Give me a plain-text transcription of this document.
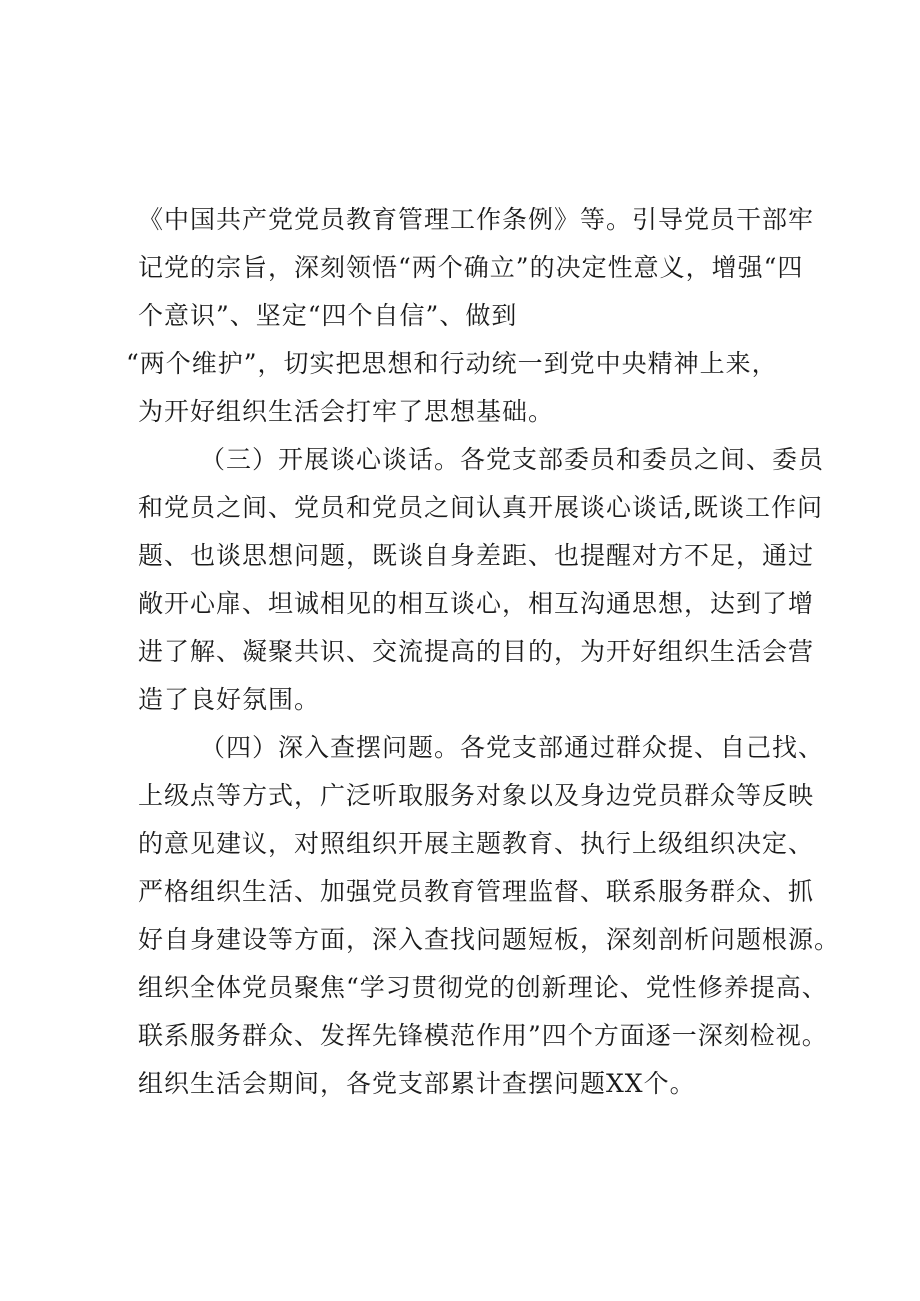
《中国共产党党员教育管理工作条例》等。引导党员干部牢
记党的宗旨，深刻领悟“两个确立”的决定性意义，增强“四
个意识”、坚定“四个自信”、做到
“两个维护”，切实把思想和行动统一到党中央精神上来，
为开好组织生活会打牢了思想基础。
（三）开展谈心谈话。各党支部委员和委员之间、委员
和党员之间、党员和党员之间认真开展谈心谈话,既谈工作问
题、也谈思想问题，既谈自身差距、也提醒对方不足，通过
敞开心扉、坦诚相见的相互谈心，相互沟通思想，达到了增
进了解、凝聚共识、交流提高的目的，为开好组织生活会营
造了良好氛围。
（四）深入查摆问题。各党支部通过群众提、自己找、
上级点等方式，广泛听取服务对象以及身边党员群众等反映
的意见建议，对照组织开展主题教育、执行上级组织决定、
严格组织生活、加强党员教育管理监督、联系服务群众、抓
好自身建设等方面，深入查找问题短板，深刻剖析问题根源。
组织全体党员聚焦“学习贯彻党的创新理论、党性修养提高、
联系服务群众、发挥先锋模范作用”四个方面逐一深刻检视。
组织生活会期间，各党支部累计查摆问题XX个。
